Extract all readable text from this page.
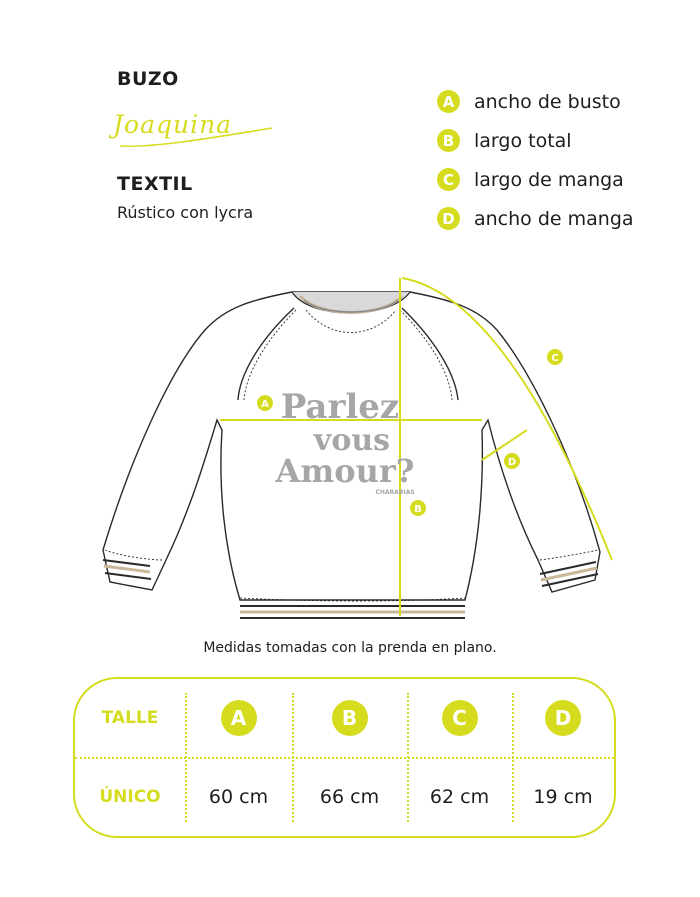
BUZO
Joaquina
TEXTIL
Rústico con lycra
A	ancho de busto
B	largo total
C	largo de manga
D ancho de manga
A
B
C
D
Parlez
vous
Amour?
CHARABIAS
Medidas tomadas con la prenda en plano.
TALLE	A	B	C	D
ÚNICO	60 cm	66 cm	62 cm 19 cm
